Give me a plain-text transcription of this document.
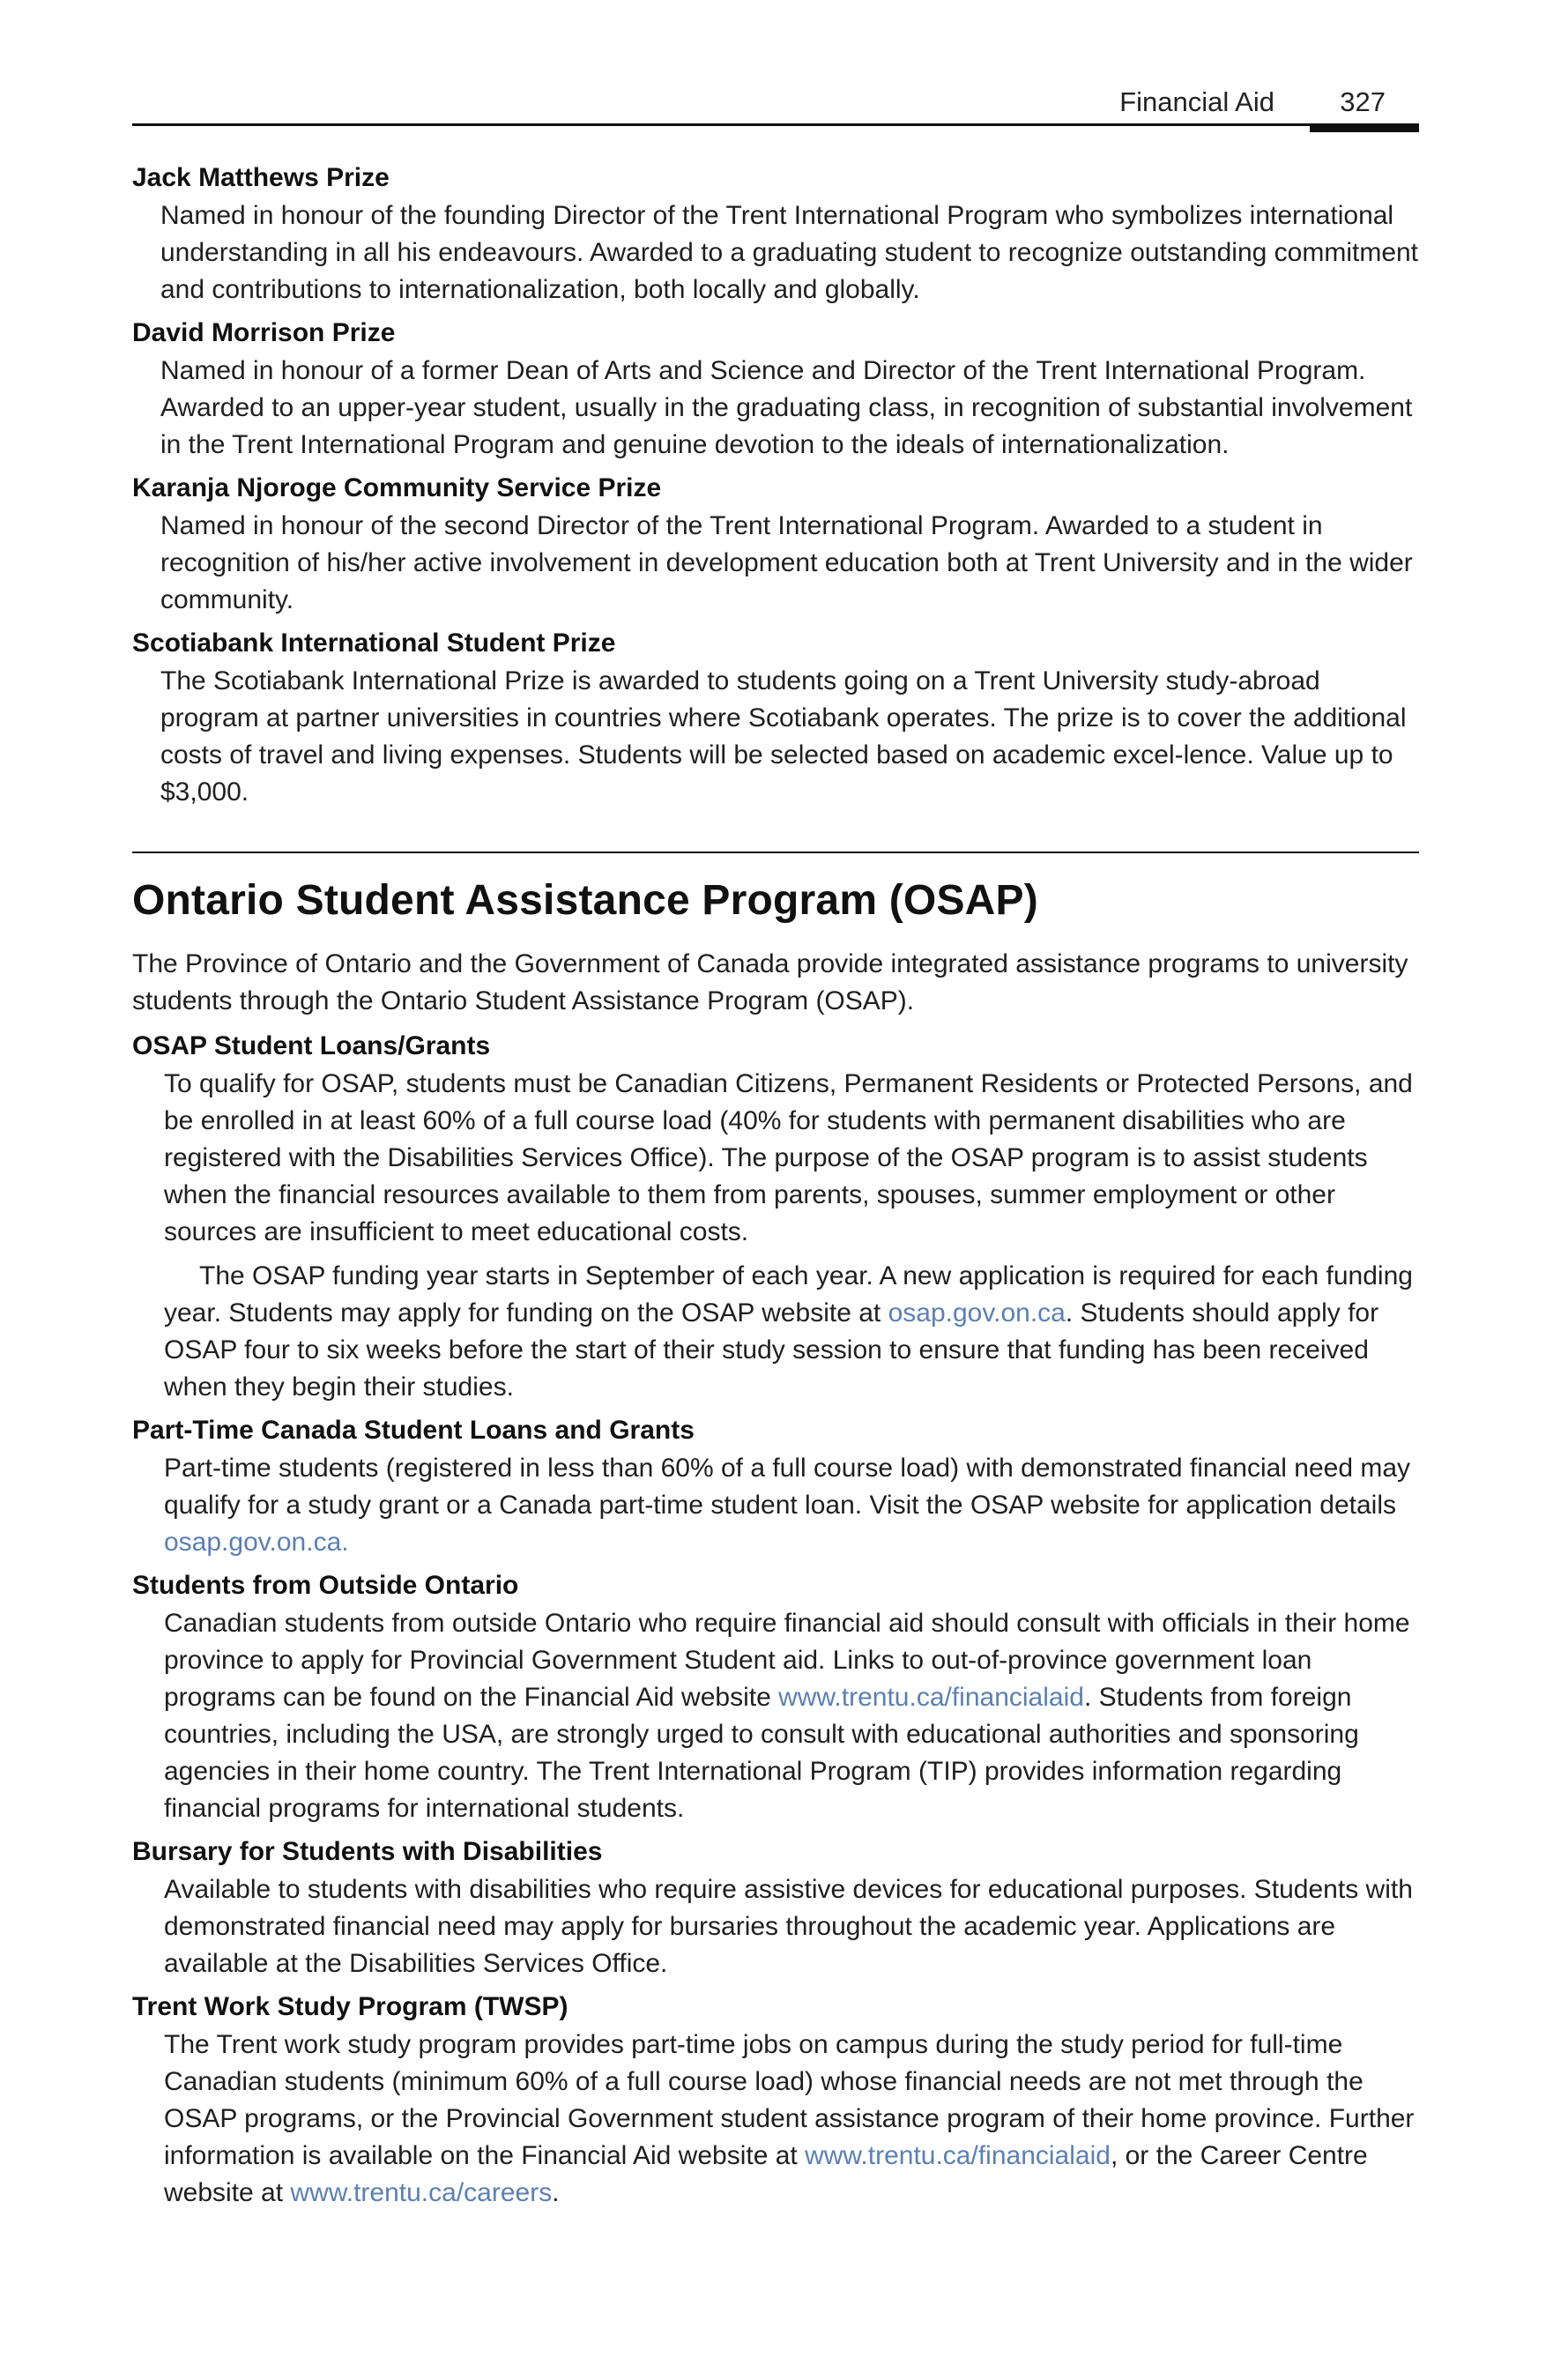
Financial Aid 327

Jack Matthews Prize

Named in honour of the founding Director of the Trent International Program who symbolizes international understanding in all his endeavours. Awarded to a graduating student to recognize outstanding commitment and contributions to internationalization, both locally and globally.

David Morrison Prize

Named in honour of a former Dean of Arts and Science and Director of the Trent International Program. Awarded to an upper-year student, usually in the graduating class, in recognition of substantial involvement in the Trent International Program and genuine devotion to the ideals of internationalization.

Karanja Njoroge Community Service Prize

Named in honour of the second Director of the Trent International Program. Awarded to a student in recognition of his/her active involvement in development education both at Trent University and in the wider community.

Scotiabank International Student Prize

The Scotiabank International Prize is awarded to students going on a Trent University study-abroad program at partner universities in countries where Scotiabank operates. The prize is to cover the additional costs of travel and living expenses. Students will be selected based on academic excel-lence. Value up to $3,000.

Ontario Student Assistance Program (OSAP)

The Province of Ontario and the Government of Canada provide integrated assistance programs to university students through the Ontario Student Assistance Program (OSAP).

OSAP Student Loans/Grants

To qualify for OSAP, students must be Canadian Citizens, Permanent Residents or Protected Persons, and be enrolled in at least 60% of a full course load (40% for students with permanent disabilities who are registered with the Disabilities Services Office). The purpose of the OSAP program is to assist students when the financial resources available to them from parents, spouses, summer employment or other sources are insufficient to meet educational costs.

The OSAP funding year starts in September of each year. A new application is required for each funding year. Students may apply for funding on the OSAP website at osap.gov.on.ca. Students should apply for OSAP four to six weeks before the start of their study session to ensure that funding has been received when they begin their studies.

Part-Time Canada Student Loans and Grants

Part-time students (registered in less than 60% of a full course load) with demonstrated financial need may qualify for a study grant or a Canada part-time student loan. Visit the OSAP website for application details osap.gov.on.ca.

Students from Outside Ontario

Canadian students from outside Ontario who require financial aid should consult with officials in their home province to apply for Provincial Government Student aid. Links to out-of-province government loan programs can be found on the Financial Aid website www.trentu.ca/financialaid. Students from foreign countries, including the USA, are strongly urged to consult with educational authorities and sponsoring agencies in their home country. The Trent International Program (TIP) provides information regarding financial programs for international students.

Bursary for Students with Disabilities

Available to students with disabilities who require assistive devices for educational purposes. Students with demonstrated financial need may apply for bursaries throughout the academic year. Applications are available at the Disabilities Services Office.

Trent Work Study Program (TWSP)

The Trent work study program provides part-time jobs on campus during the study period for full-time Canadian students (minimum 60% of a full course load) whose financial needs are not met through the OSAP programs, or the Provincial Government student assistance program of their home province. Further information is available on the Financial Aid website at www.trentu.ca/financialaid, or the Career Centre website at www.trentu.ca/careers.
